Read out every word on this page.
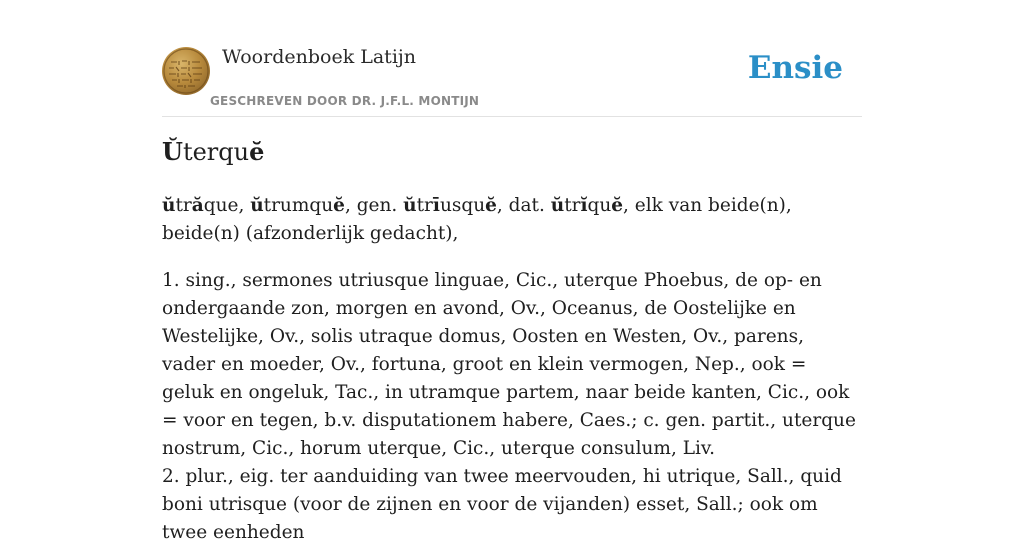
Woordenboek Latijn
GESCHREVEN DOOR DR. J.F.L. MONTIJN
Ensie
Ŭterquĕ

ŭtrăque, ŭtrumquĕ, gen. ŭtrīusquĕ, dat. ŭtrĭquĕ, elk van beide(n), beide(n) (afzonderlijk gedacht),

1. sing., sermones utriusque linguae, Cic., uterque Phoebus, de op- en ondergaande zon, morgen en avond, Ov., Oceanus, de Oostelijke en Westelijke, Ov., solis utraque domus, Oosten en Westen, Ov., parens, vader en moeder, Ov., fortuna, groot en klein vermogen, Nep., ook = geluk en ongeluk, Tac., in utramque partem, naar beide kanten, Cic., ook = voor en tegen, b.v. disputationem habere, Caes.; c. gen. partit., uterque nostrum, Cic., horum uterque, Cic., uterque consulum, Liv.

2. plur., eig. ter aanduiding van twee meervouden, hi utrique, Sall., quid boni utrisque (voor de zijnen en voor de vijanden) esset, Sall.; ook om twee eenheden
